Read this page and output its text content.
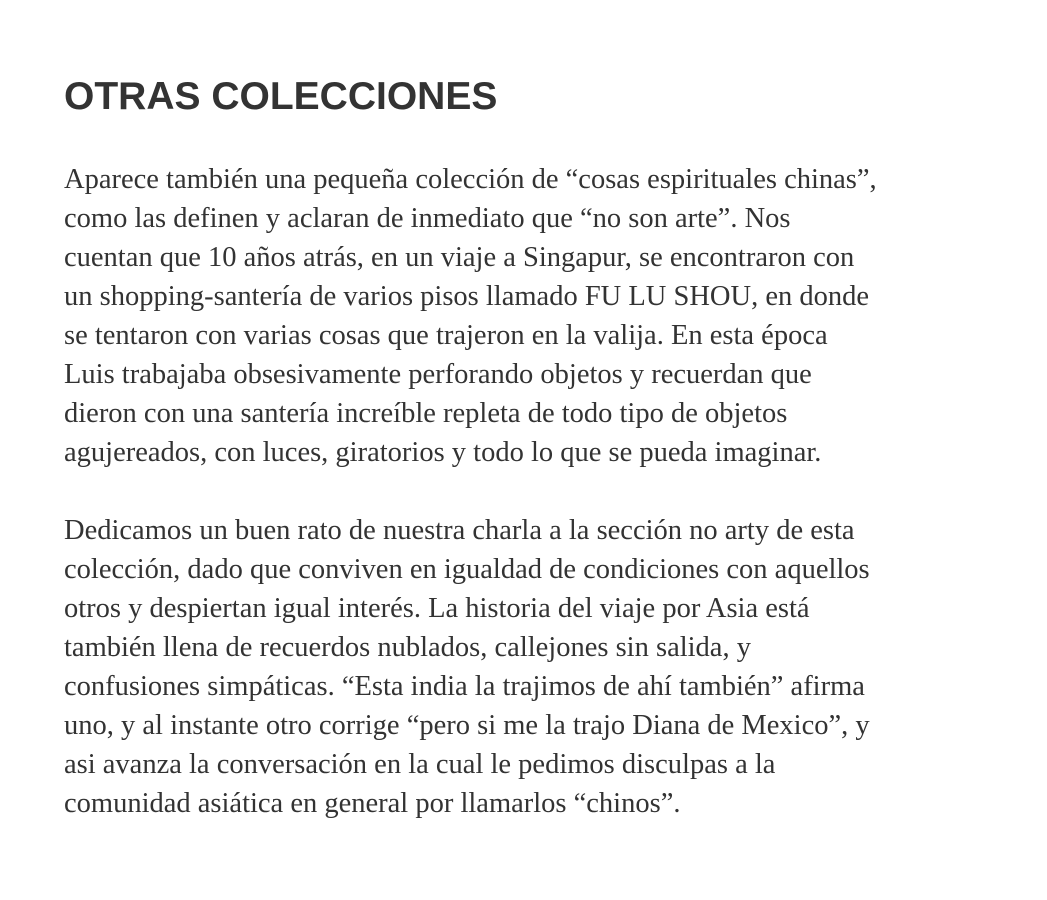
OTRAS COLECCIONES

Aparece también una pequeña colección de “cosas espirituales chinas”,
como las definen y aclaran de inmediato que “no son arte”. Nos
cuentan que 10 años atrás, en un viaje a Singapur, se encontraron con
un shopping-santería de varios pisos llamado FU LU SHOU, en donde
se tentaron con varias cosas que trajeron en la valija. En esta época
Luis trabajaba obsesivamente perforando objetos y recuerdan que
dieron con una santería increíble repleta de todo tipo de objetos
agujereados, con luces, giratorios y todo lo que se pueda imaginar.

Dedicamos un buen rato de nuestra charla a la sección no arty de esta
colección, dado que conviven en igualdad de condiciones con aquellos
otros y despiertan igual interés. La historia del viaje por Asia está
también llena de recuerdos nublados, callejones sin salida, y
confusiones simpáticas. “Esta india la trajimos de ahí también” afirma
uno, y al instante otro corrige “pero si me la trajo Diana de Mexico”, y
asi avanza la conversación en la cual le pedimos disculpas a la
comunidad asiática en general por llamarlos “chinos”.
